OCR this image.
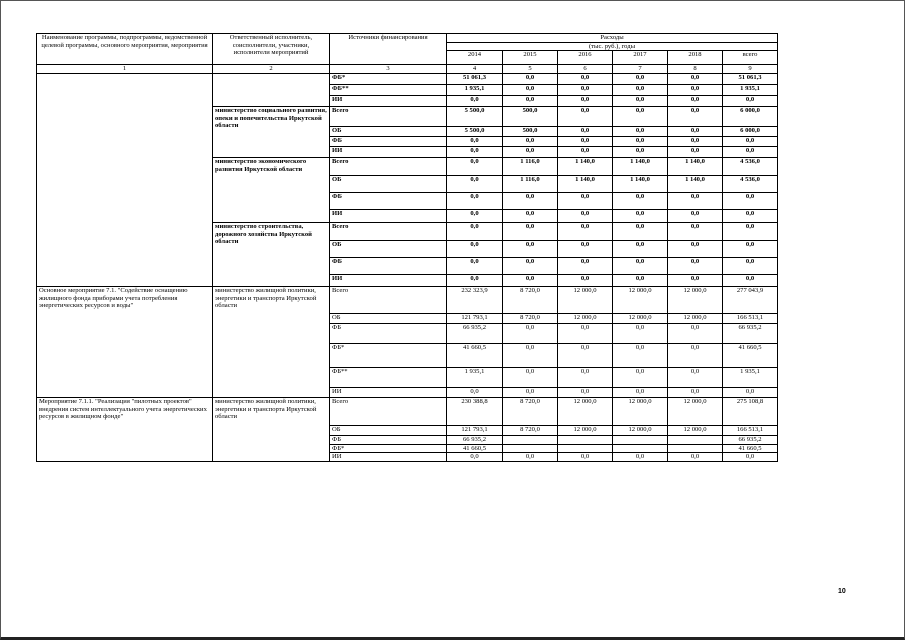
Наименование программы, подпрограммы, ведомственной целевой программы, основного мероприятия, мероприятия	Ответственный исполнитель, соисполнители, участники, исполнители мероприятий	Источники финансирования	Расходы					
			(тыс. руб.), годы					
			2014	2015	2016	2017	2018	всего
1	2	3	4	5	6	7	8	9
		ФБ*	51 061,3	0,0	0,0	0,0	0,0	51 061,3
		ФБ**	1 935,1	0,0	0,0	0,0	0,0	1 935,1
		ИИ	0,0	0,0	0,0	0,0	0,0	0,0
	министерство социального развития, опеки и попечительства Иркутской области	Всего	5 500,0	500,0	0,0	0,0	0,0	6 000,0
		ОБ	5 500,0	500,0	0,0	0,0	0,0	6 000,0
		ФБ	0,0	0,0	0,0	0,0	0,0	0,0
		ИИ	0,0	0,0	0,0	0,0	0,0	0,0
	министерство экономического развития Иркутской области	Всего	0,0	1 116,0	1 140,0	1 140,0	1 140,0	4 536,0
		ОБ	0,0	1 116,0	1 140,0	1 140,0	1 140,0	4 536,0
		ФБ	0,0	0,0	0,0	0,0	0,0	0,0
		ИИ	0,0	0,0	0,0	0,0	0,0	0,0
	министерство строительства, дорожного хозяйства Иркутской области	Всего	0,0	0,0	0,0	0,0	0,0	0,0
		ОБ	0,0	0,0	0,0	0,0	0,0	0,0
		ФБ	0,0	0,0	0,0	0,0	0,0	0,0
		ИИ	0,0	0,0	0,0	0,0	0,0	0,0
Основное мероприятие 7.1. "Содействие оснащению жилищного фонда приборами учета потребления энергетических ресурсов и воды"	министерство жилищной политики, энергетики и транспорта Иркутской области	Всего	232 323,9	8 720,0	12 000,0	12 000,0	12 000,0	277 043,9
		ОБ	121 793,1	8 720,0	12 000,0	12 000,0	12 000,0	166 513,1
		ФБ	66 935,2	0,0	0,0	0,0	0,0	66 935,2
		ФБ*	41 660,5	0,0	0,0	0,0	0,0	41 660,5
		ФБ**	1 935,1	0,0	0,0	0,0	0,0	1 935,1
		ИИ	0,0	0,0	0,0	0,0	0,0	0,0
Мероприятие 7.1.1. "Реализация "пилотных проектов" внедрения систем интеллектуального учета энергетических ресурсов в жилищном фонде"	министерство жилищной политики, энергетики и транспорта Иркутской области	Всего	230 388,8	8 720,0	12 000,0	12 000,0	12 000,0	275 108,8
		ОБ	121 793,1	8 720,0	12 000,0	12 000,0	12 000,0	166 513,1
		ФБ	66 935,2					66 935,2
		ФБ*	41 660,5					41 660,5
		ИИ	0,0	0,0	0,0	0,0	0,0	0,0
10
